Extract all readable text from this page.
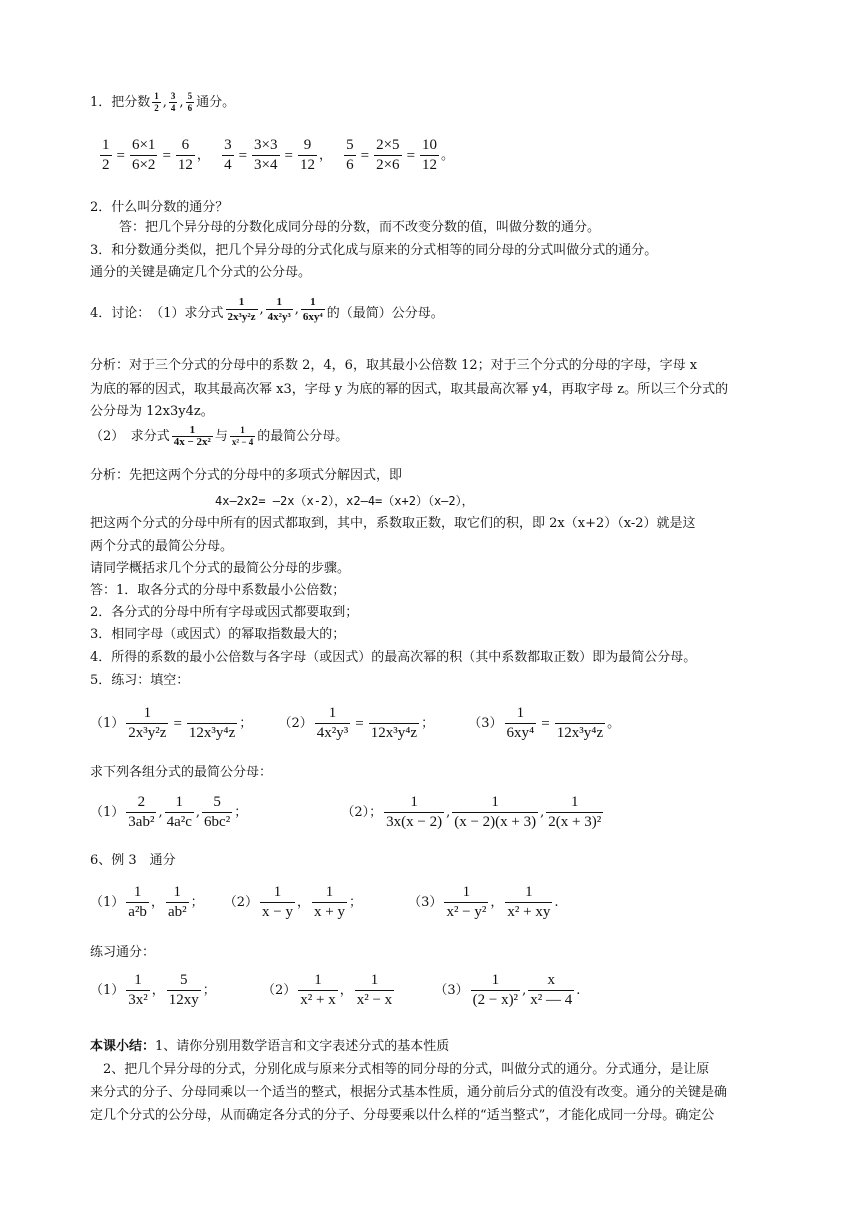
1．把分数 $\frac{1}{2}$ , $\frac{3}{4}$ , $\frac{5}{6}$ 通分。
$\frac{1}{2} = \frac{6\times 1}{6\times 2} = \frac{6}{12}$ ， $\frac{3}{4} = \frac{3\times 3}{3\times 4} = \frac{9}{12}$ ， $\frac{5}{6} = \frac{2\times 5}{2\times 6} = \frac{10}{12}$ 。
2．什么叫分数的通分？
答：把几个异分母的分数化成同分母的分数，而不改变分数的值，叫做分数的通分。
3．和分数通分类似，把几个异分母的分式化成与原来的分式相等的同分母的分式叫做分式的通分。
通分的关键是确定几个分式的公分母。
4．讨论：　（1）求分式 $\frac{1}{\text{2x³y²z}}$ , $\frac{1}{\text{4x²y³}}$ , $\frac{1}{\text{6xy⁴}}$ 的（最简）公分母。
分析：对于三个分式的分母中的系数 2，4，6，取其最小公倍数 12；对于三个分式的分母的字母，字母 x
为底的幂的因式，取其最高次幂 x3，字母 y 为底的幂的因式，取其最高次幂 y4，再取字母 z。所以三个分式的
公分母为 12x3y4z。
（2）　求分式 $\frac{1}{\text{4x − 2x²}}$ 与 $\frac{1}{\text{x² − 4}}$ 的最简公分母。
分析：先把这两个分式的分母中的多项式分解因式，即
4x—2x2= —2x（x-2），x2—4=（x+2）（x—2），
把这两个分式的分母中所有的因式都取到，其中，系数取正数，取它们的积，即 2x（x+2）（x-2）就是这
两个分式的最简公分母。
请同学概括求几个分式的最简公分母的步骤。
答：1．取各分式的分母中系数最小公倍数；
2．各分式的分母中所有字母或因式都要取到；
3．相同字母（或因式）的幂取指数最大的；
4．所得的系数的最小公倍数与各字母（或因式）的最高次幂的积（其中系数都取正数）即为最简公分母。
5．练习：填空：
$(1) \frac{1}{\text{2x³y²z}}$ =

12x³y⁴z
； $(2) \frac{1}{\text{4x²y³}}$ =

12x³y⁴z
；	$(3) \frac{1}{\text{6xy⁴}}$ =

12x³y⁴z
。
求下列各组分式的最简公分母：
$(1) \frac{2}{\text{3ab²}}$ , $\frac{1}{\text{4a²c}}$ , $\frac{5}{\text{6bc²}}$ ；	（2）； $\frac{1}{3x(x - 2)}$ , $\frac{1}{(x - 2)(x + 3)}$ , $\frac{1}{\text{2(x + 3)²}}$
6、例 3　通分
$(1) \frac{1}{\text{a²b}}$ ， $\frac{1}{\text{ab²}}$ ； $(2) \frac{1}{x - y}$ ， $\frac{1}{x + y}$ ；	$(3) \frac{1}{\text{x² − y²}}$ ， $\frac{1}{\text{x² + xy}}$ .
练习通分：
$(1) \frac{1}{\text{3x²}}$ ， $\frac{5}{12xy}$ ；	$(2) \frac{1}{\text{x² + x}}$ ， $\frac{1}{\text{x² − x}}$	$(3) \frac{1}{\text{(2 − x)²}}$ , $\frac{x}{\text{x² — 4}}$ .
本课小结：1、请你分别用数学语言和文字表述分式的基本性质
2、把几个异分母的分式，分别化成与原来分式相等的同分母的分式，叫做分式的通分。分式通分，是让原
来分式的分子、分母同乘以一个适当的整式，根据分式基本性质，通分前后分式的值没有改变。通分的关键是确
定几个分式的公分母，从而确定各分式的分子、分母要乘以什么样的“适当整式”，才能化成同一分母。确定公
